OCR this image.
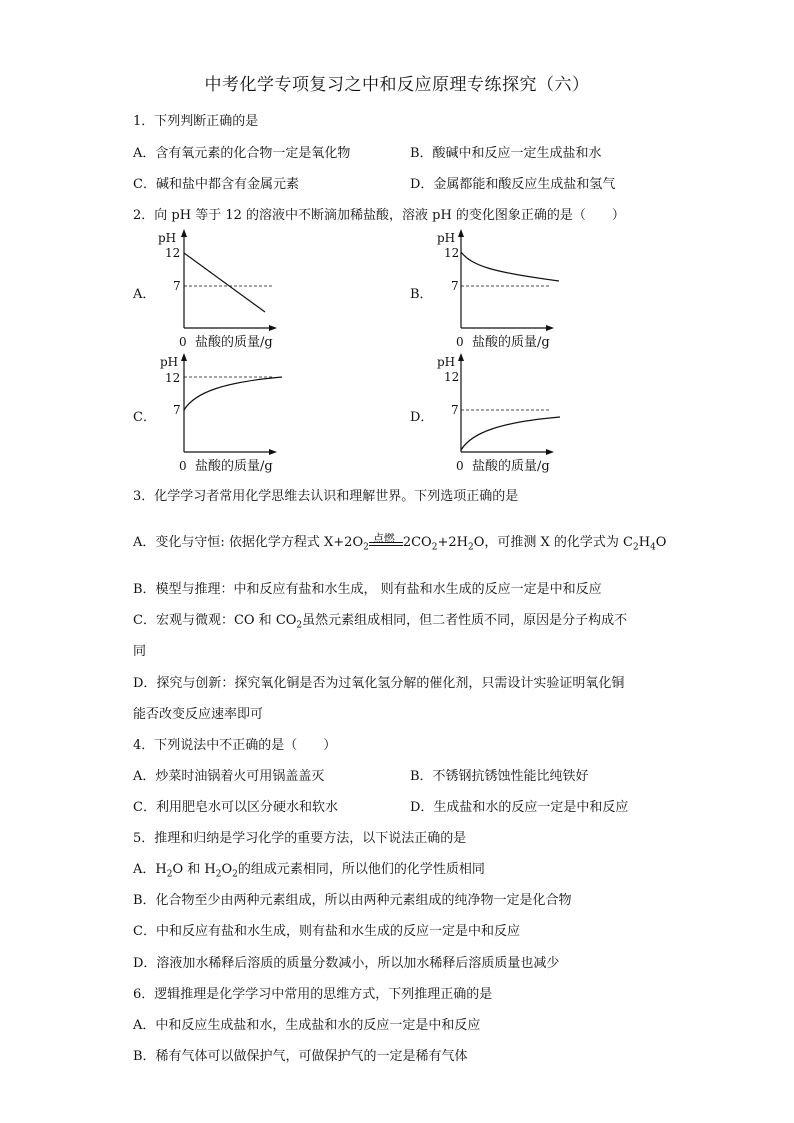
中考化学专项复习之中和反应原理专练探究（六）
1．下列判断正确的是
A．含有氧元素的化合物一定是氧化物	B．酸碱中和反应一定生成盐和水
C．碱和盐中都含有金属元素	D．金属都能和酸反应生成盐和氢气
2．向 pH 等于 12 的溶液中不断滴加稀盐酸，溶液 pH 的变化图象正确的是（　　）
A．	B．
C．	D．
pH
12
7
0 盐酸的质量/g
pH
12
7
0 盐酸的质量/g
pH
12
7
0 盐酸的质量/g
pH
12
7
0 盐酸的质量/g
3．化学学习者常用化学思维去认识和理解世界。下列选项正确的是
A．变化与守恒: 依据化学方程式 $X+2O_2$
点燃 $2CO_2+2H_2O$，可推测 X 的化学式为 $C_2H_4O$
B．模型与推理：中和反应有盐和水生成， 则有盐和水生成的反应一定是中和反应
C．宏观与微观：CO 和 $CO_2$虽然元素组成相同，但二者性质不同，原因是分子构成不
同
D．探究与创新：探究氧化铜是否为过氧化氢分解的催化剂，只需设计实验证明氧化铜
能否改变反应速率即可
4．下列说法中不正确的是（　　）
A．炒菜时油锅着火可用锅盖盖灭	B．不锈钢抗锈蚀性能比纯铁好
C．利用肥皂水可以区分硬水和软水	D．生成盐和水的反应一定是中和反应
5．推理和归纳是学习化学的重要方法，以下说法正确的是
A．$H_2O$ 和 $H_2O_2$的组成元素相同，所以他们的化学性质相同
B．化合物至少由两种元素组成，所以由两种元素组成的纯净物一定是化合物
C．中和反应有盐和水生成，则有盐和水生成的反应一定是中和反应
D．溶液加水稀释后溶质的质量分数减小，所以加水稀释后溶质质量也减少
6．逻辑推理是化学学习中常用的思维方式，下列推理正确的是
A．中和反应生成盐和水，生成盐和水的反应一定是中和反应
B．稀有气体可以做保护气，可做保护气的一定是稀有气体
